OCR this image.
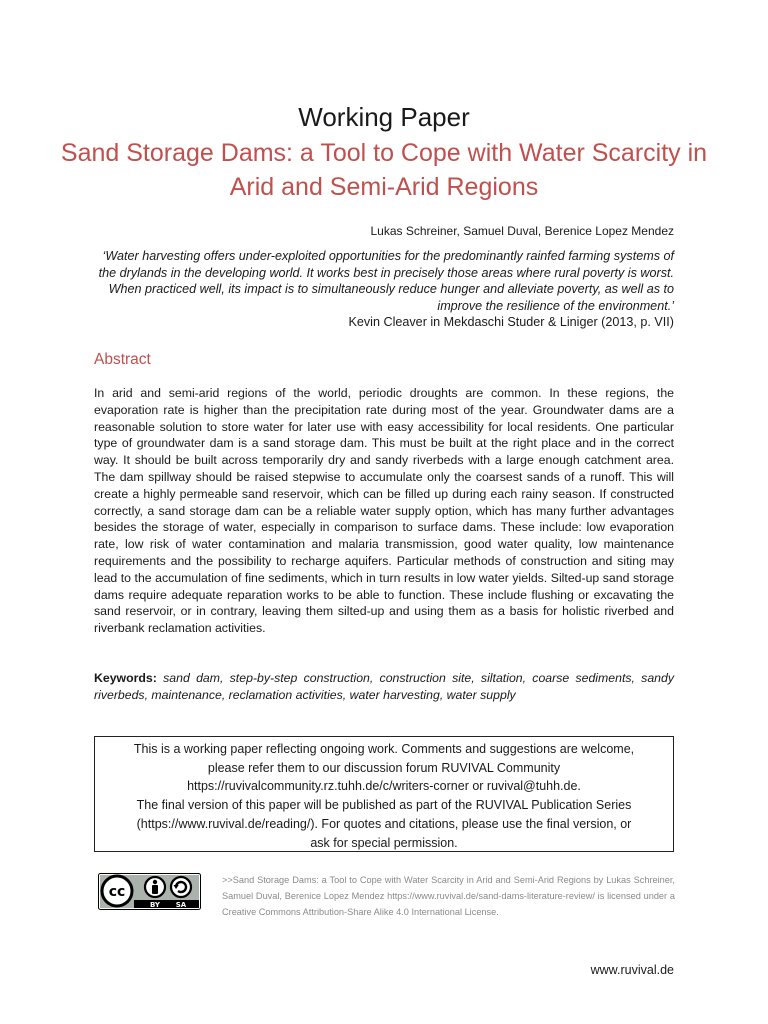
Working Paper
Sand Storage Dams: a Tool to Cope with Water Scarcity in
Arid and Semi-Arid Regions
Lukas Schreiner, Samuel Duval, Berenice Lopez Mendez
‘Water harvesting offers under-exploited opportunities for the predominantly rainfed farming systems of the drylands in the developing world. It works best in precisely those areas where rural poverty is worst. When practiced well, its impact is to simultaneously reduce hunger and alleviate poverty, as well as to improve the resilience of the environment.’
Kevin Cleaver in Mekdaschi Studer & Liniger (2013, p. VII)
Abstract
In arid and semi-arid regions of the world, periodic droughts are common. In these regions, the evaporation rate is higher than the precipitation rate during most of the year. Groundwater dams are a reasonable solution to store water for later use with easy accessibility for local residents. One particular type of groundwater dam is a sand storage dam. This must be built at the right place and in the correct way. It should be built across temporarily dry and sandy riverbeds with a large enough catchment area. The dam spillway should be raised stepwise to accumulate only the coarsest sands of a runoff. This will create a highly permeable sand reservoir, which can be filled up during each rainy season. If constructed correctly, a sand storage dam can be a reliable water supply option, which has many further advantages besides the storage of water, especially in comparison to surface dams. These include: low evaporation rate, low risk of water contamination and malaria transmission, good water quality, low maintenance requirements and the possibility to recharge aquifers. Particular methods of construction and siting may lead to the accumulation of fine sediments, which in turn results in low water yields. Silted-up sand storage dams require adequate reparation works to be able to function. These include flushing or excavating the sand reservoir, or in contrary, leaving them silted-up and using them as a basis for holistic riverbed and riverbank reclamation activities.
Keywords: sand dam, step-by-step construction, construction site, siltation, coarse sediments, sandy riverbeds, maintenance, reclamation activities, water harvesting, water supply
This is a working paper reflecting ongoing work. Comments and suggestions are welcome,
please refer them to our discussion forum RUVIVAL Community
https://ruvivalcommunity.rz.tuhh.de/c/writers-corner or ruvival@tuhh.de.
The final version of this paper will be published as part of the RUVIVAL Publication Series
(https://www.ruvival.de/reading/). For quotes and citations, please use the final version, or
ask for special permission.
cc
BY SA
>>Sand Storage Dams: a Tool to Cope with Water Scarcity in Arid and Semi-Arid Regions by Lukas Schreiner, Samuel Duval, Berenice Lopez Mendez https://www.ruvival.de/sand-dams-literature-review/ is licensed under a Creative Commons Attribution-Share Alike 4.0 International License.
www.ruvival.de
